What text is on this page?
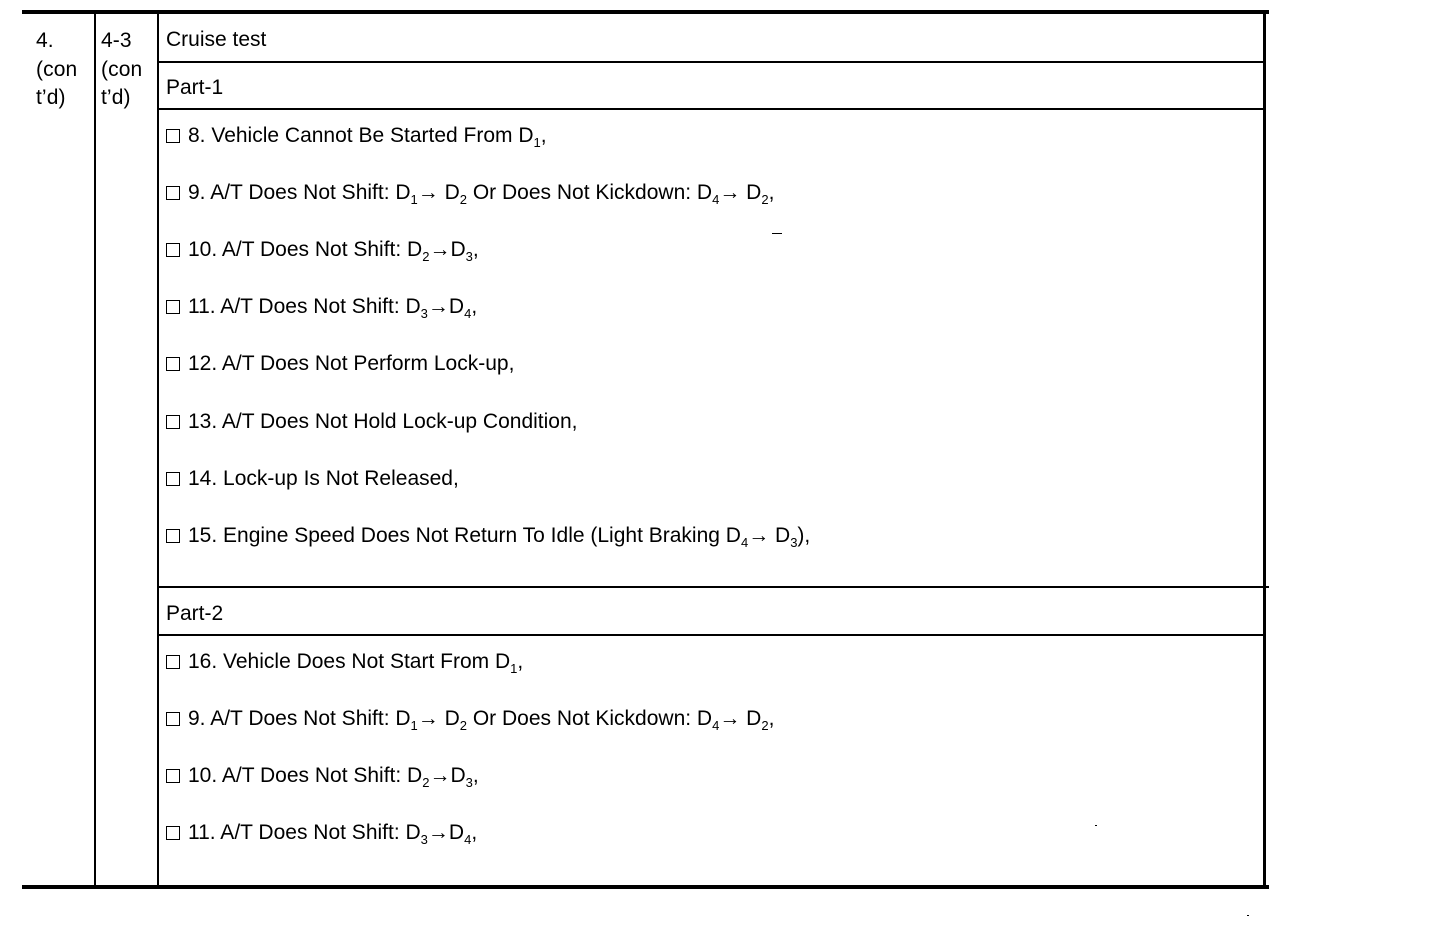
4.
(con
t’d)
4-3
(con
t’d)
Cruise test
Part-1
Part-2
8. Vehicle Cannot Be Started From $D_1$,
9. A/T Does Not Shift: $D_1\to D_2$ Or Does Not Kickdown: $D_4\to D_2$,
10. A/T Does Not Shift: $D_2\to D_3$,
11. A/T Does Not Shift: $D_3\to D_4$,
12. A/T Does Not Perform Lock-up,
13. A/T Does Not Hold Lock-up Condition,
14. Lock-up Is Not Released,
15. Engine Speed Does Not Return To Idle (Light Braking $D_4\to D_3$),
16. Vehicle Does Not Start From $D_1$,
9. A/T Does Not Shift: $D_1\to D_2$ Or Does Not Kickdown: $D_4\to D_2$,
10. A/T Does Not Shift: $D_2\to D_3$,
11. A/T Does Not Shift: $D_3\to D_4$,
